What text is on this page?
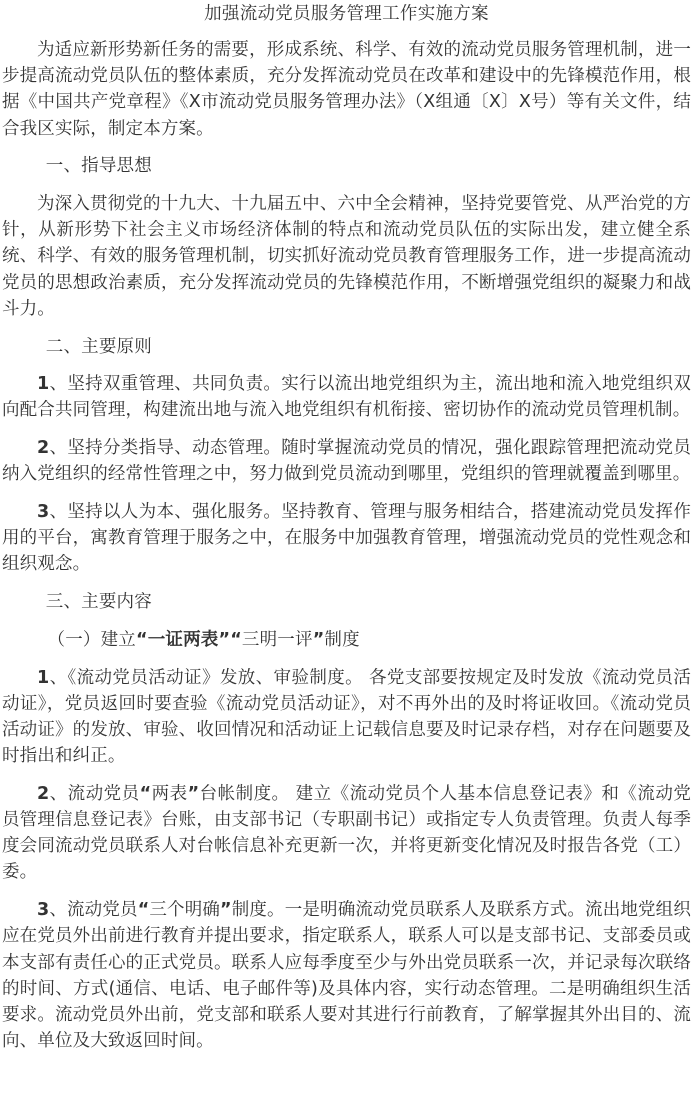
加强流动党员服务管理工作实施方案

为适应新形势新任务的需要，形成系统、科学、有效的流动党员服务管理机制，进一步提高流动党员队伍的整体素质，充分发挥流动党员在改革和建设中的先锋模范作用，根据《中国共产党章程》《X市流动党员服务管理办法》（X组通〔X〕X号）等有关文件，结合我区实际，制定本方案。

一、指导思想

为深入贯彻党的十九大、十九届五中、六中全会精神，坚持党要管党、从严治党的方针，从新形势下社会主义市场经济体制的特点和流动党员队伍的实际出发，建立健全系统、科学、有效的服务管理机制，切实抓好流动党员教育管理服务工作，进一步提高流动党员的思想政治素质，充分发挥流动党员的先锋模范作用，不断增强党组织的凝聚力和战斗力。

二、主要原则

1、坚持双重管理、共同负责。实行以流出地党组织为主，流出地和流入地党组织双向配合共同管理，构建流出地与流入地党组织有机衔接、密切协作的流动党员管理机制。

2、坚持分类指导、动态管理。随时掌握流动党员的情况，强化跟踪管理把流动党员纳入党组织的经常性管理之中，努力做到党员流动到哪里，党组织的管理就覆盖到哪里。

3、坚持以人为本、强化服务。坚持教育、管理与服务相结合，搭建流动党员发挥作用的平台，寓教育管理于服务之中，在服务中加强教育管理，增强流动党员的党性观念和组织观念。

三、主要内容

（一）建立“一证两表”“三明一评”制度

1、《流动党员活动证》发放、审验制度。 各党支部要按规定及时发放《流动党员活动证》，党员返回时要查验《流动党员活动证》，对不再外出的及时将证收回。《流动党员活动证》的发放、审验、收回情况和活动证上记载信息要及时记录存档，对存在问题要及时指出和纠正。

2、流动党员“两表”台帐制度。 建立《流动党员个人基本信息登记表》和《流动党员管理信息登记表》台账，由支部书记（专职副书记）或指定专人负责管理。负责人每季度会同流动党员联系人对台帐信息补充更新一次，并将更新变化情况及时报告各党（工）委。

3、流动党员“三个明确”制度。一是明确流动党员联系人及联系方式。流出地党组织应在党员外出前进行教育并提出要求，指定联系人，联系人可以是支部书记、支部委员或本支部有责任心的正式党员。联系人应每季度至少与外出党员联系一次，并记录每次联络的时间、方式(通信、电话、电子邮件等)及具体内容，实行动态管理。二是明确组织生活要求。流动党员外出前，党支部和联系人要对其进行行前教育，了解掌握其外出目的、流向、单位及大致返回时间。
